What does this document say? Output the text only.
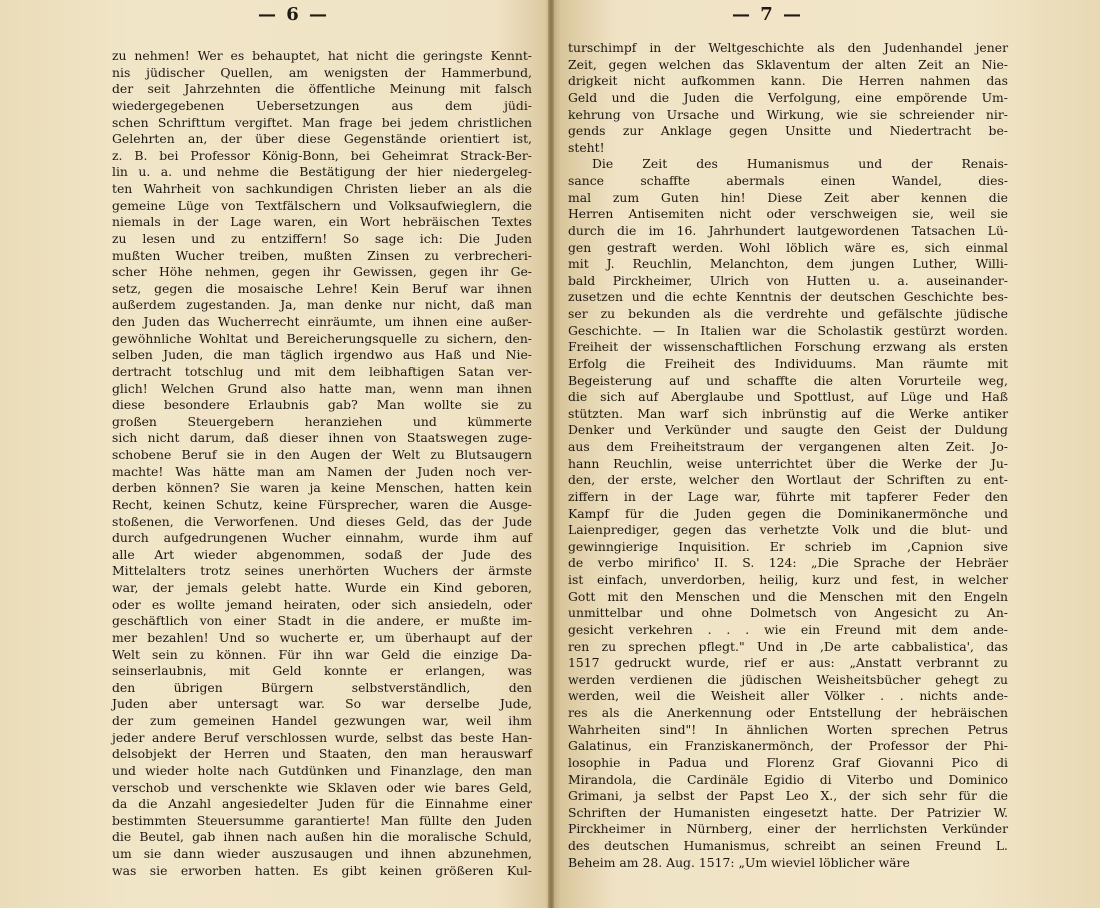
— 6 —
zu nehmen! Wer es behauptet, hat nicht die geringste Kennt-
nis jüdischer Quellen, am wenigsten der Hammerbund,
der seit Jahrzehnten die öffentliche Meinung mit falsch
wiedergegebenen Uebersetzungen aus dem jüdi-
schen Schrifttum vergiftet. Man frage bei jedem christlichen
Gelehrten an, der über diese Gegenstände orientiert ist,
z. B. bei Professor König-Bonn, bei Geheimrat Strack-Ber-
lin u. a. und nehme die Bestätigung der hier niedergeleg-
ten Wahrheit von sachkundigen Christen lieber an als die
gemeine Lüge von Textfälschern und Volksaufwieglern, die
niemals in der Lage waren, ein Wort hebräischen Textes
zu lesen und zu entziffern! So sage ich: Die Juden
mußten Wucher treiben, mußten Zinsen zu verbrecheri-
scher Höhe nehmen, gegen ihr Gewissen, gegen ihr Ge-
setz, gegen die mosaische Lehre! Kein Beruf war ihnen
außerdem zugestanden. Ja, man denke nur nicht, daß man
den Juden das Wucherrecht einräumte, um ihnen eine außer-
gewöhnliche Wohltat und Bereicherungsquelle zu sichern, den-
selben Juden, die man täglich irgendwo aus Haß und Nie-
dertracht totschlug und mit dem leibhaftigen Satan ver-
glich! Welchen Grund also hatte man, wenn man ihnen
diese besondere Erlaubnis gab? Man wollte sie zu
großen Steuergebern heranziehen und kümmerte
sich nicht darum, daß dieser ihnen von Staatswegen zuge-
schobene Beruf sie in den Augen der Welt zu Blutsaugern
machte! Was hätte man am Namen der Juden noch ver-
derben können? Sie waren ja keine Menschen, hatten kein
Recht, keinen Schutz, keine Fürsprecher, waren die Ausge-
stoßenen, die Verworfenen. Und dieses Geld, das der Jude
durch aufgedrungenen Wucher einnahm, wurde ihm auf
alle Art wieder abgenommen, sodaß der Jude des
Mittelalters trotz seines unerhörten Wuchers der ärmste
war, der jemals gelebt hatte. Wurde ein Kind geboren,
oder es wollte jemand heiraten, oder sich ansiedeln, oder
geschäftlich von einer Stadt in die andere, er mußte im-
mer bezahlen! Und so wucherte er, um überhaupt auf der
Welt sein zu können. Für ihn war Geld die einzige Da-
seinserlaubnis, mit Geld konnte er erlangen, was
den übrigen Bürgern selbstverständlich, den
Juden aber untersagt war. So war derselbe Jude,
der zum gemeinen Handel gezwungen war, weil ihm
jeder andere Beruf verschlossen wurde, selbst das beste Han-
delsobjekt der Herren und Staaten, den man herauswarf
und wieder holte nach Gutdünken und Finanzlage, den man
verschob und verschenkte wie Sklaven oder wie bares Geld,
da die Anzahl angesiedelter Juden für die Einnahme einer
bestimmten Steuersumme garantierte! Man füllte den Juden
die Beutel, gab ihnen nach außen hin die moralische Schuld,
um sie dann wieder auszusaugen und ihnen abzunehmen,
was sie erworben hatten. Es gibt keinen größeren Kul-
— 7 —
turschimpf in der Weltgeschichte als den Judenhandel jener
Zeit, gegen welchen das Sklaventum der alten Zeit an Nie-
drigkeit nicht aufkommen kann. Die Herren nahmen das
Geld und die Juden die Verfolgung, eine empörende Um-
kehrung von Ursache und Wirkung, wie sie schreiender nir-
gends zur Anklage gegen Unsitte und Niedertracht be-
steht!
Die Zeit des Humanismus und der Renais-
sance schaffte abermals einen Wandel, dies-
mal zum Guten hin! Diese Zeit aber kennen die
Herren Antisemiten nicht oder verschweigen sie, weil sie
durch die im 16. Jahrhundert lautgewordenen Tatsachen Lü-
gen gestraft werden. Wohl löblich wäre es, sich einmal
mit J. Reuchlin, Melanchton, dem jungen Luther, Willi-
bald Pirckheimer, Ulrich von Hutten u. a. auseinander-
zusetzen und die echte Kenntnis der deutschen Geschichte bes-
ser zu bekunden als die verdrehte und gefälschte jüdische
Geschichte. — In Italien war die Scholastik gestürzt worden.
Freiheit der wissenschaftlichen Forschung erzwang als ersten
Erfolg die Freiheit des Individuums. Man räumte mit
Begeisterung auf und schaffte die alten Vorurteile weg,
die sich auf Aberglaube und Spottlust, auf Lüge und Haß
stützten. Man warf sich inbrünstig auf die Werke antiker
Denker und Verkünder und saugte den Geist der Duldung
aus dem Freiheitstraum der vergangenen alten Zeit. Jo-
hann Reuchlin, weise unterrichtet über die Werke der Ju-
den, der erste, welcher den Wortlaut der Schriften zu ent-
ziffern in der Lage war, führte mit tapferer Feder den
Kampf für die Juden gegen die Dominikanermönche und
Laienprediger, gegen das verhetzte Volk und die blut- und
gewinngierige Inquisition. Er schrieb im ,Capnion sive
de verbo mirifico' II. S. 124: „Die Sprache der Hebräer
ist einfach, unverdorben, heilig, kurz und fest, in welcher
Gott mit den Menschen und die Menschen mit den Engeln
unmittelbar und ohne Dolmetsch von Angesicht zu An-
gesicht verkehren . . . wie ein Freund mit dem ande-
ren zu sprechen pflegt." Und in ,De arte cabbalistica', das
1517 gedruckt wurde, rief er aus: „Anstatt verbrannt zu
werden verdienen die jüdischen Weisheitsbücher gehegt zu
werden, weil die Weisheit aller Völker . . nichts ande-
res als die Anerkennung oder Entstellung der hebräischen
Wahrheiten sind"! In ähnlichen Worten sprechen Petrus
Galatinus, ein Franziskanermönch, der Professor der Phi-
losophie in Padua und Florenz Graf Giovanni Pico di
Mirandola, die Cardinäle Egidio di Viterbo und Dominico
Grimani, ja selbst der Papst Leo X., der sich sehr für die
Schriften der Humanisten eingesetzt hatte. Der Patrizier W.
Pirckheimer in Nürnberg, einer der herrlichsten Verkünder
des deutschen Humanismus, schreibt an seinen Freund L.
Beheim am 28. Aug. 1517: „Um wieviel löblicher wäre
